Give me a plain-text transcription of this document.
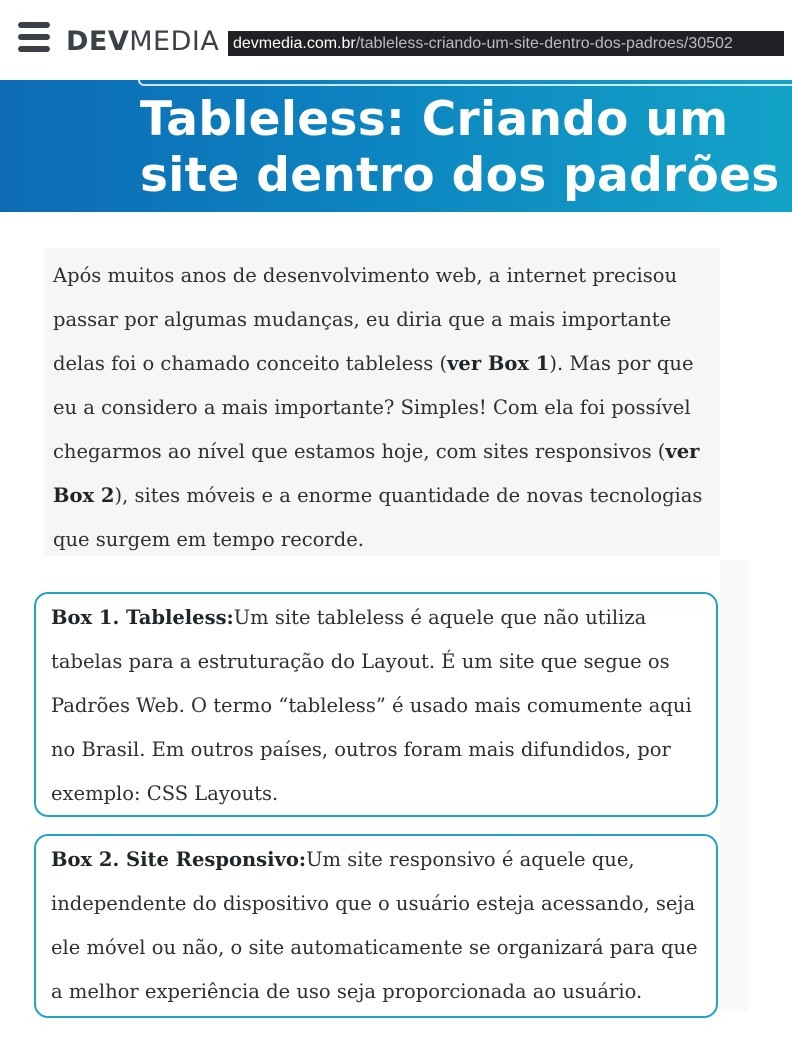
DEVMEDIA devmedia.com.br/tableless-criando-um-site-dentro-dos-padroes/30502
Tableless: Criando um site dentro dos padrões

Após muitos anos de desenvolvimento web, a internet precisou passar por algumas mudanças, eu diria que a mais importante delas foi o chamado conceito tableless (ver Box 1). Mas por que eu a considero a mais importante? Simples! Com ela foi possível chegarmos ao nível que estamos hoje, com sites responsivos (ver Box 2), sites móveis e a enorme quantidade de novas tecnologias que surgem em tempo recorde.

Box 1. Tableless:Um site tableless é aquele que não utiliza tabelas para a estruturação do Layout. É um site que segue os Padrões Web. O termo “tableless” é usado mais comumente aqui no Brasil. Em outros países, outros foram mais difundidos, por exemplo: CSS Layouts.

Box 2. Site Responsivo:Um site responsivo é aquele que, independente do dispositivo que o usuário esteja acessando, seja ele móvel ou não, o site automaticamente se organizará para que a melhor experiência de uso seja proporcionada ao usuário.
